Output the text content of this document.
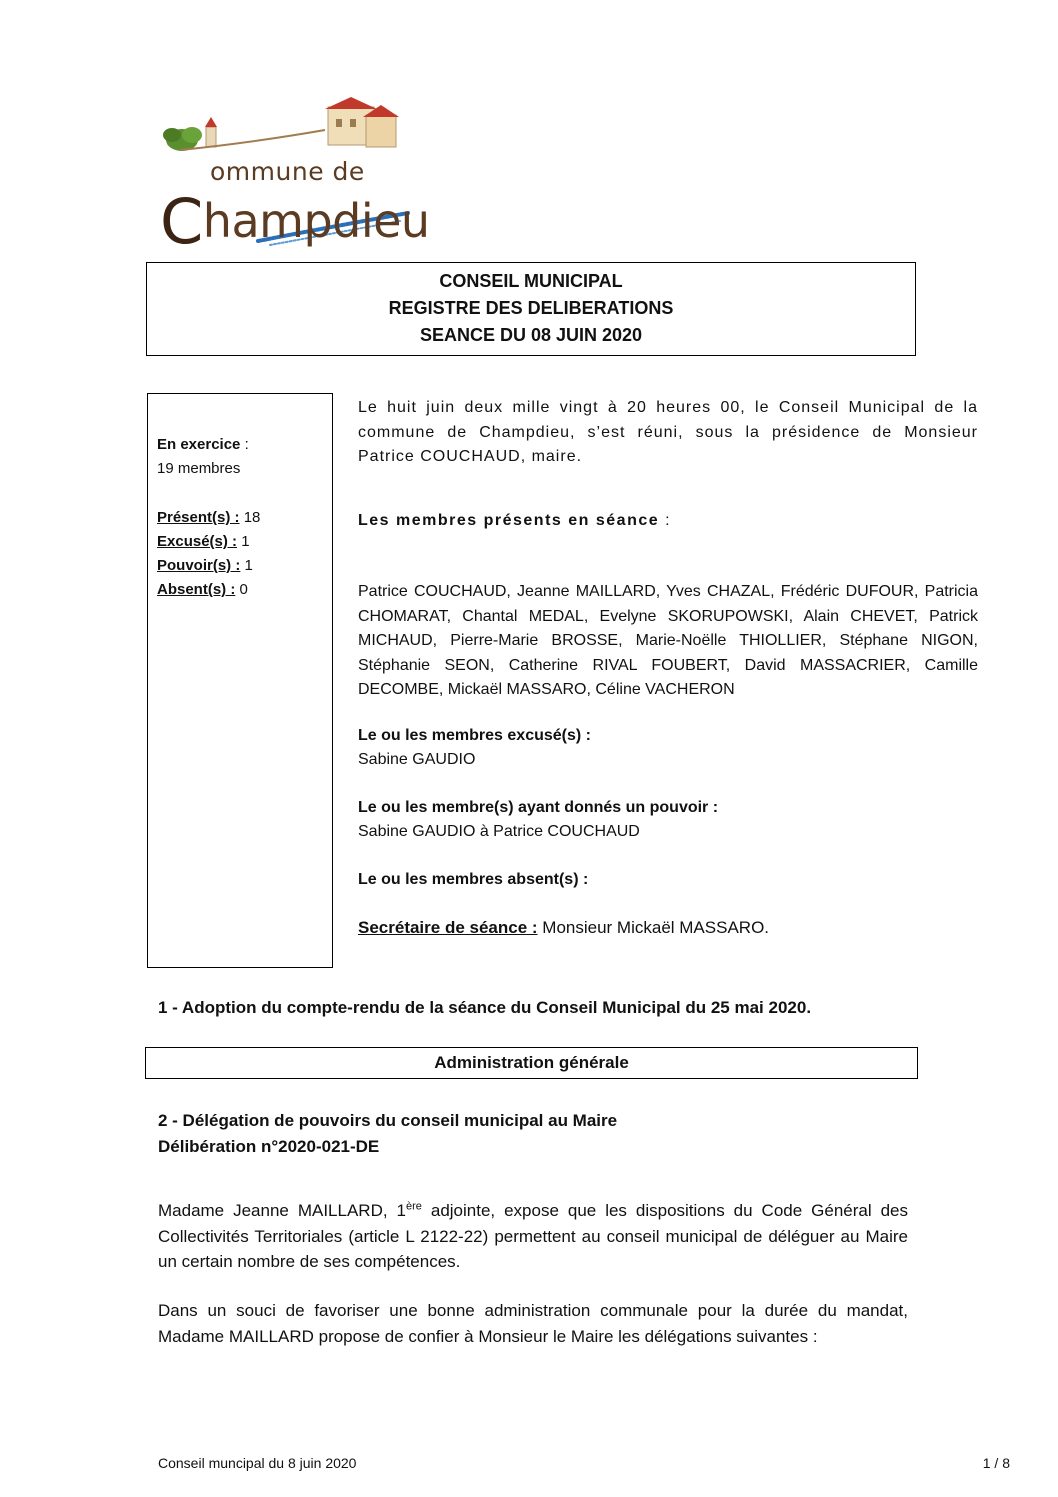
ommune de
Champdieu
CONSEIL MUNICIPAL
REGISTRE DES DELIBERATIONS
SEANCE DU 08 JUIN 2020
En exercice :
19 membres
Présent(s) : 18
Excusé(s) : 1
Pouvoir(s) : 1
Absent(s) : 0
Le huit juin deux mille vingt à 20 heures 00, le Conseil Municipal de la commune de Champdieu, s’est réuni, sous la présidence de Monsieur Patrice COUCHAUD, maire.
Les membres présents en séance :
Patrice COUCHAUD, Jeanne MAILLARD, Yves CHAZAL, Frédéric DUFOUR, Patricia CHOMARAT, Chantal MEDAL, Evelyne SKORUPOWSKI, Alain CHEVET, Patrick MICHAUD, Pierre-Marie BROSSE, Marie-Noëlle THIOLLIER, Stéphane NIGON, Stéphanie SEON, Catherine RIVAL FOUBERT, David MASSACRIER, Camille DECOMBE, Mickaël MASSARO, Céline VACHERON
Le ou les membres excusé(s) :
Sabine GAUDIO
Le ou les membre(s) ayant donnés un pouvoir :
Sabine GAUDIO à Patrice COUCHAUD
Le ou les membres absent(s) :
Secrétaire de séance : Monsieur Mickaël MASSARO.
1 - Adoption du compte-rendu de la séance du Conseil Municipal du 25 mai 2020.
Administration générale
2 - Délégation de pouvoirs du conseil municipal au Maire
Délibération n°2020-021-DE
Madame Jeanne MAILLARD, 1ère adjointe, expose que les dispositions du Code Général des Collectivités Territoriales (article L 2122-22) permettent au conseil municipal de déléguer au Maire un certain nombre de ses compétences.
Dans un souci de favoriser une bonne administration communale pour la durée du mandat, Madame MAILLARD propose de confier à Monsieur le Maire les délégations suivantes :
Conseil muncipal du 8 juin 2020	1 / 8
